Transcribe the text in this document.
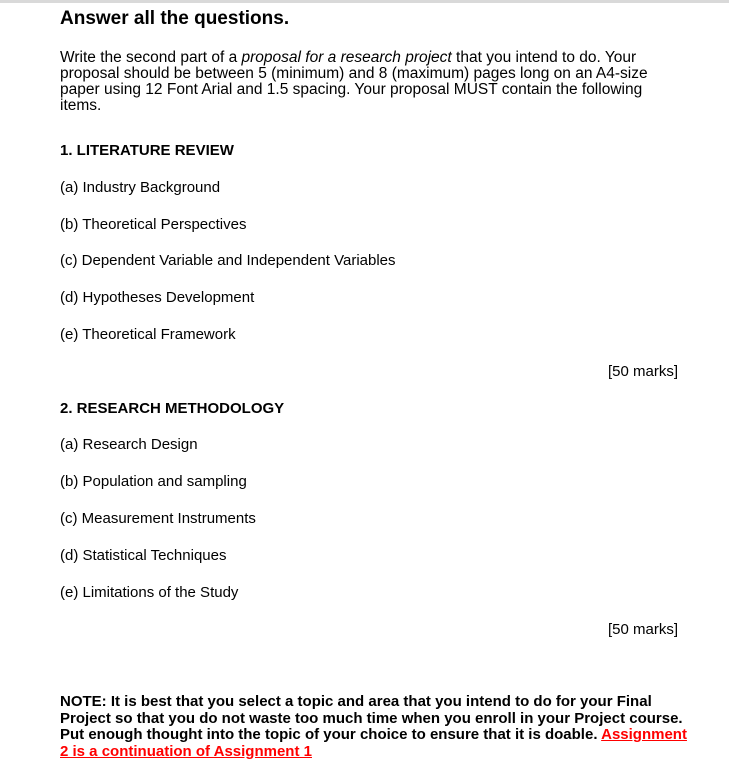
Answer all the questions.
Write the second part of a proposal for a research project that you intend to do. Your proposal should be between 5 (minimum) and 8 (maximum) pages long on an A4-size paper using 12 Font Arial and 1.5 spacing. Your proposal MUST contain the following items.
1. LITERATURE REVIEW
(a) Industry Background
(b) Theoretical Perspectives
(c) Dependent Variable and Independent Variables
(d) Hypotheses Development
(e) Theoretical Framework
[50 marks]
2. RESEARCH METHODOLOGY
(a) Research Design
(b) Population and sampling
(c) Measurement Instruments
(d) Statistical Techniques
(e) Limitations of the Study
[50 marks]
NOTE: It is best that you select a topic and area that you intend to do for your Final Project so that you do not waste too much time when you enroll in your Project course. Put enough thought into the topic of your choice to ensure that it is doable. Assignment 2 is a continuation of Assignment 1
